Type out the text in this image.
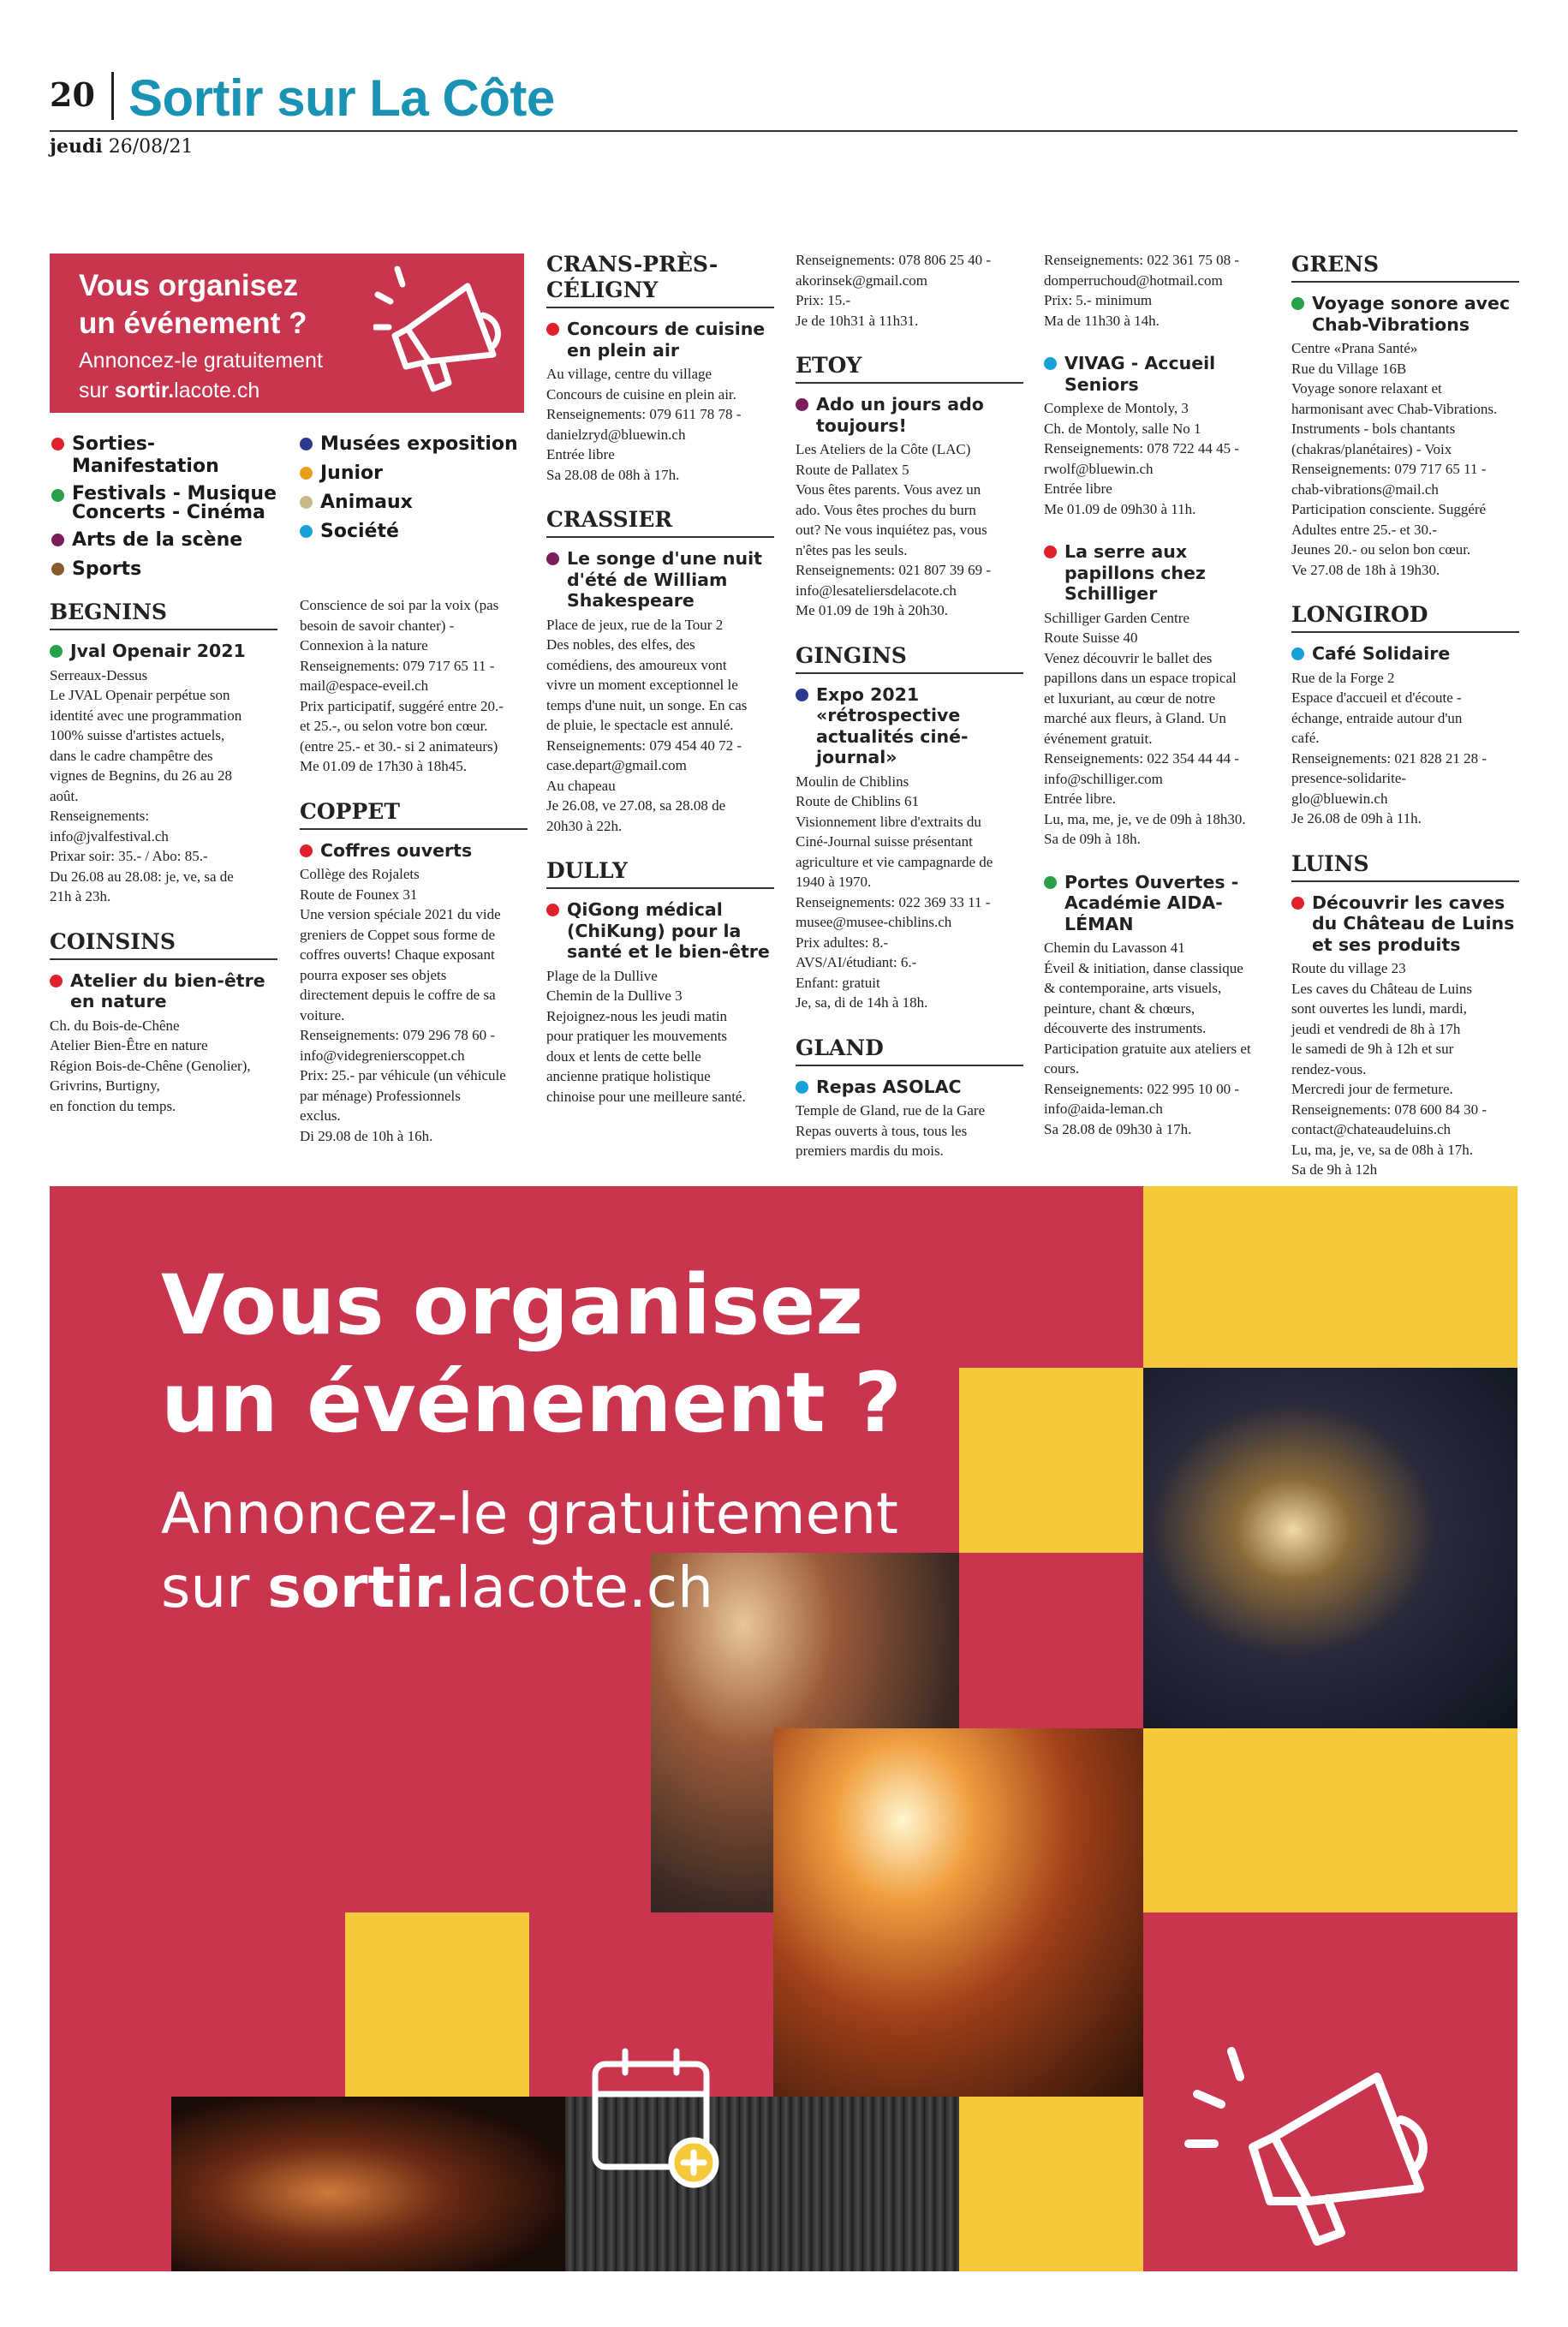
20 Sortir sur La Côte
jeudi 26/08/21
Vous organisez
un événement ?
Annoncez-le gratuitement
sur sortir.lacote.ch
Sorties-Manifestation
Festivals - Musique Concerts - Cinéma
Arts de la scène
Sports
Musées exposition
Junior
Animaux
Société
BEGNINS
Jval Openair 2021
Serreaux-Dessus
Le JVAL Openair perpétue son
identité avec une programmation
100% suisse d'artistes actuels,
dans le cadre champêtre des
vignes de Begnins, du 26 au 28
août.
Renseignements:
info@jvalfestival.ch
Prixar soir: 35.- / Abo: 85.-
Du 26.08 au 28.08: je, ve, sa de
21h à 23h.
COINSINS
Atelier du bien-être en nature
Ch. du Bois-de-Chêne
Atelier Bien-Être en nature
Région Bois-de-Chêne (Genolier),
Grivrins, Burtigny,
en fonction du temps.
Conscience de soi par la voix (pas
besoin de savoir chanter) -
Connexion à la nature
Renseignements: 079 717 65 11 -
mail@espace-eveil.ch
Prix participatif, suggéré entre 20.-
et 25.-, ou selon votre bon cœur.
(entre 25.- et 30.- si 2 animateurs)
Me 01.09 de 17h30 à 18h45.
COPPET
Coffres ouverts
Collège des Rojalets
Route de Founex 31
Une version spéciale 2021 du vide
greniers de Coppet sous forme de
coffres ouverts! Chaque exposant
pourra exposer ses objets
directement depuis le coffre de sa
voiture.
Renseignements: 079 296 78 60 -
info@videgrenierscoppet.ch
Prix: 25.- par véhicule (un véhicule
par ménage) Professionnels
exclus.
Di 29.08 de 10h à 16h.
CRANS-PRÈS-CÉLIGNY
Concours de cuisine en plein air
Au village, centre du village
Concours de cuisine en plein air.
Renseignements: 079 611 78 78 -
danielzryd@bluewin.ch
Entrée libre
Sa 28.08 de 08h à 17h.
CRASSIER
Le songe d'une nuit d'été de William Shakespeare
Place de jeux, rue de la Tour 2
Des nobles, des elfes, des
comédiens, des amoureux vont
vivre un moment exceptionnel le
temps d'une nuit, un songe. En cas
de pluie, le spectacle est annulé.
Renseignements: 079 454 40 72 -
case.depart@gmail.com
Au chapeau
Je 26.08, ve 27.08, sa 28.08 de
20h30 à 22h.
DULLY
QiGong médical (ChiKung) pour la santé et le bien-être
Plage de la Dullive
Chemin de la Dullive 3
Rejoignez-nous les jeudi matin
pour pratiquer les mouvements
doux et lents de cette belle
ancienne pratique holistique
chinoise pour une meilleure santé.
Renseignements: 078 806 25 40 -
akorinsek@gmail.com
Prix: 15.-
Je de 10h31 à 11h31.
ETOY
Ado un jours ado toujours!
Les Ateliers de la Côte (LAC)
Route de Pallatex 5
Vous êtes parents. Vous avez un
ado. Vous êtes proches du burn
out? Ne vous inquiétez pas, vous
n'êtes pas les seuls.
Renseignements: 021 807 39 69 -
info@lesateliersdelacote.ch
Me 01.09 de 19h à 20h30.
GINGINS
Expo 2021 «rétrospective actualités ciné-journal»
Moulin de Chiblins
Route de Chiblins 61
Visionnement libre d'extraits du
Ciné-Journal suisse présentant
agriculture et vie campagnarde de
1940 à 1970.
Renseignements: 022 369 33 11 -
musee@musee-chiblins.ch
Prix adultes: 8.-
AVS/AI/étudiant: 6.-
Enfant: gratuit
Je, sa, di de 14h à 18h.
GLAND
Repas ASOLAC
Temple de Gland, rue de la Gare
Repas ouverts à tous, tous les
premiers mardis du mois.
Renseignements: 022 361 75 08 -
domperruchoud@hotmail.com
Prix: 5.- minimum
Ma de 11h30 à 14h.
VIVAG - Accueil Seniors
Complexe de Montoly, 3
Ch. de Montoly, salle No 1
Renseignements: 078 722 44 45 -
rwolf@bluewin.ch
Entrée libre
Me 01.09 de 09h30 à 11h.
La serre aux papillons chez Schilliger
Schilliger Garden Centre
Route Suisse 40
Venez découvrir le ballet des
papillons dans un espace tropical
et luxuriant, au cœur de notre
marché aux fleurs, à Gland. Un
événement gratuit.
Renseignements: 022 354 44 44 -
info@schilliger.com
Entrée libre.
Lu, ma, me, je, ve de 09h à 18h30.
Sa de 09h à 18h.
Portes Ouvertes - Académie AIDA-LÉMAN
Chemin du Lavasson 41
Éveil & initiation, danse classique
& contemporaine, arts visuels,
peinture, chant & chœurs,
découverte des instruments.
Participation gratuite aux ateliers et
cours.
Renseignements: 022 995 10 00 -
info@aida-leman.ch
Sa 28.08 de 09h30 à 17h.
GRENS
Voyage sonore avec Chab-Vibrations
Centre «Prana Santé»
Rue du Village 16B
Voyage sonore relaxant et
harmonisant avec Chab-Vibrations.
Instruments - bols chantants
(chakras/planétaires) - Voix
Renseignements: 079 717 65 11 -
chab-vibrations@mail.ch
Participation consciente. Suggéré
Adultes entre 25.- et 30.-
Jeunes 20.- ou selon bon cœur.
Ve 27.08 de 18h à 19h30.
LONGIROD
Café Solidaire
Rue de la Forge 2
Espace d'accueil et d'écoute -
échange, entraide autour d'un
café.
Renseignements: 021 828 21 28 -
presence-solidarite-
glo@bluewin.ch
Je 26.08 de 09h à 11h.
LUINS
Découvrir les caves du Château de Luins et ses produits
Route du village 23
Les caves du Château de Luins
sont ouvertes les lundi, mardi,
jeudi et vendredi de 8h à 17h
le samedi de 9h à 12h et sur
rendez-vous.
Mercredi jour de fermeture.
Renseignements: 078 600 84 30 -
contact@chateaudeluins.ch
Lu, ma, je, ve, sa de 08h à 17h.
Sa de 9h à 12h
Vous organisez
un événement ?
Annoncez-le gratuitement
sur sortir.lacote.ch
